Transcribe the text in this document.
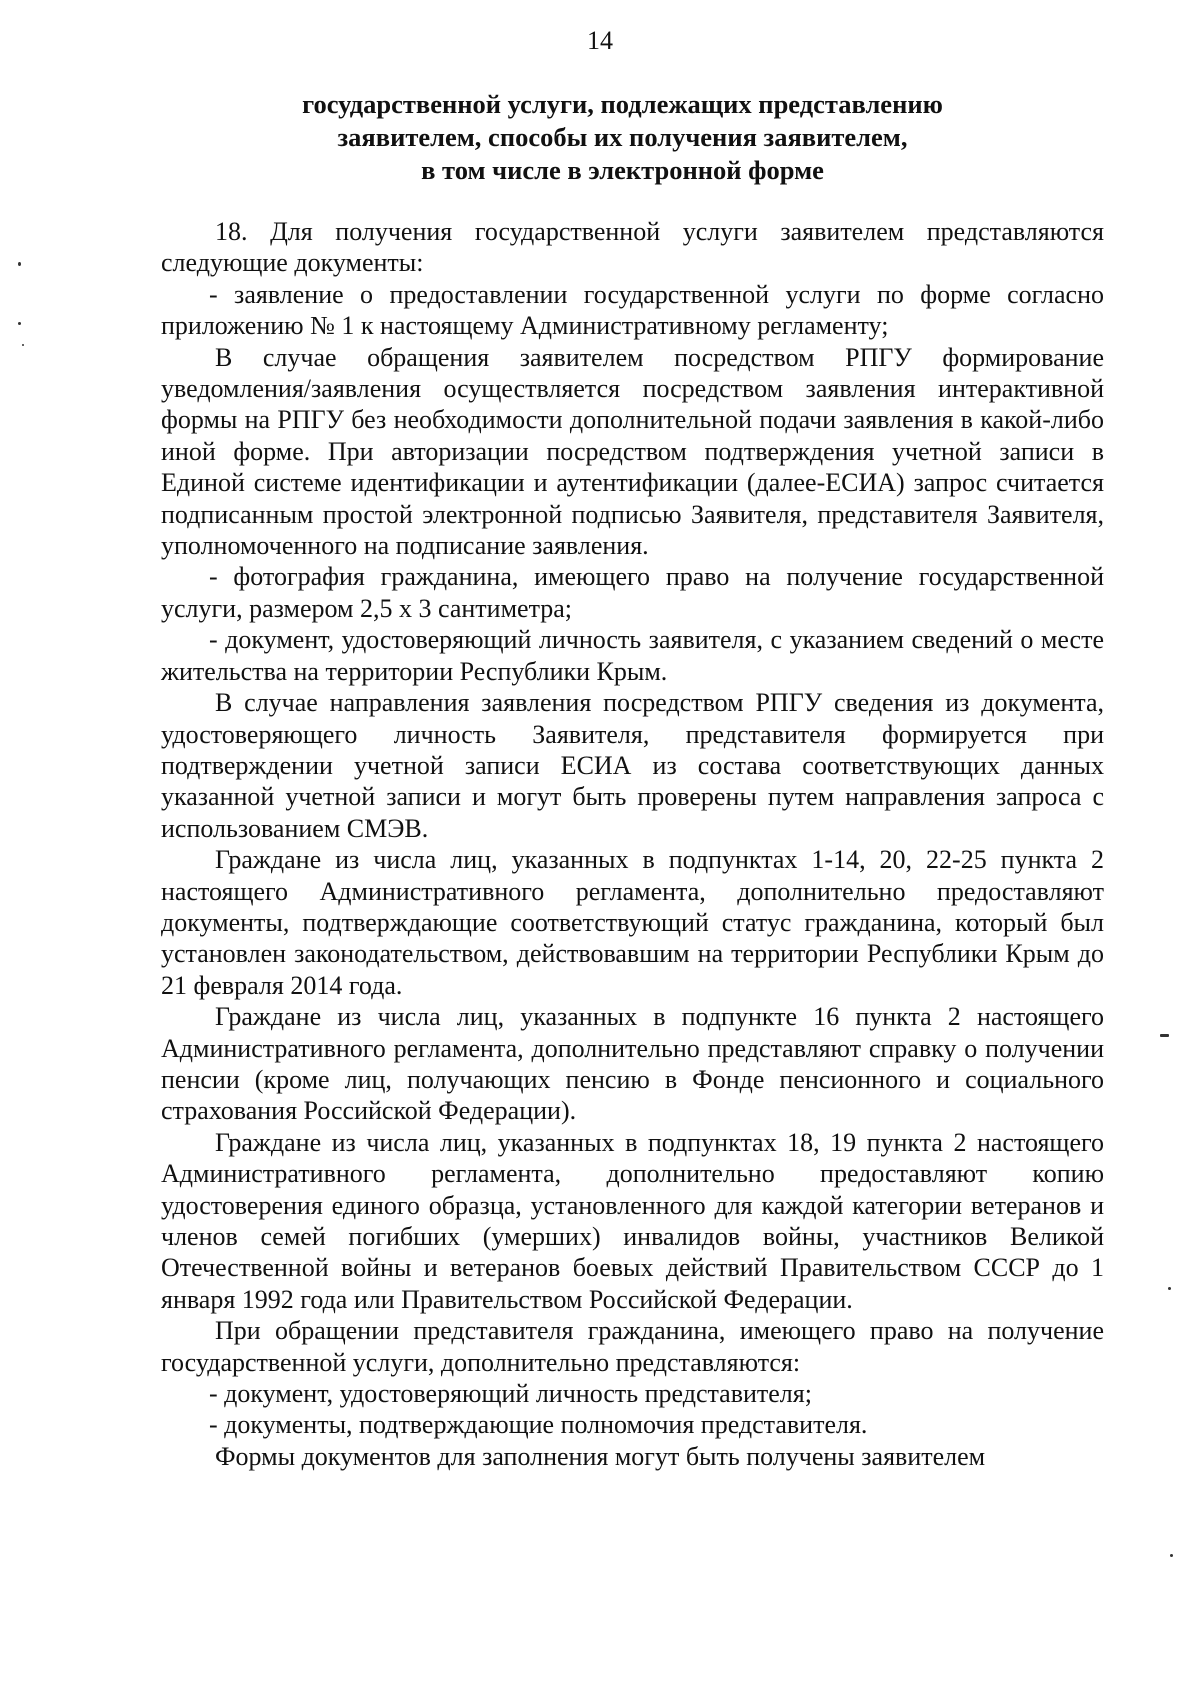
14
государственной услуги, подлежащих представлению
заявителем, способы их получения заявителем,
в том числе в электронной форме

18. Для получения государственной услуги заявителем представляются следующие документы:

- заявление о предоставлении государственной услуги по форме согласно приложению № 1 к настоящему Административному регламенту;

В случае обращения заявителем посредством РПГУ формирование уведомления/заявления осуществляется посредством заявления интерактивной формы на РПГУ без необходимости дополнительной подачи заявления в какой-либо иной форме. При авторизации посредством подтверждения учетной записи в Единой системе идентификации и аутентификации (далее-ЕСИА) запрос считается подписанным простой электронной подписью Заявителя, представителя Заявителя, уполномоченного на подписание заявления.

- фотография гражданина, имеющего право на получение государственной услуги, размером 2,5 х 3 сантиметра;

- документ, удостоверяющий личность заявителя, с указанием сведений о месте жительства на территории Республики Крым.

В случае направления заявления посредством РПГУ сведения из документа, удостоверяющего личность Заявителя, представителя формируется при подтверждении учетной записи ЕСИА из состава соответствующих данных указанной учетной записи и могут быть проверены путем направления запроса с использованием СМЭВ.

Граждане из числа лиц, указанных в подпунктах 1-14, 20, 22-25 пункта 2 настоящего Административного регламента, дополнительно предоставляют документы, подтверждающие соответствующий статус гражданина, который был установлен законодательством, действовавшим на территории Республики Крым до 21 февраля 2014 года.

Граждане из числа лиц, указанных в подпункте 16 пункта 2 настоящего Административного регламента, дополнительно представляют справку о получении пенсии (кроме лиц, получающих пенсию в Фонде пенсионного и социального страхования Российской Федерации).

Граждане из числа лиц, указанных в подпунктах 18, 19 пункта 2 настоящего Административного регламента, дополнительно предоставляют копию удостоверения единого образца, установленного для каждой категории ветеранов и членов семей погибших (умерших) инвалидов войны, участников Великой Отечественной войны и ветеранов боевых действий Правительством СССР до 1 января 1992 года или Правительством Российской Федерации.

При обращении представителя гражданина, имеющего право на получение государственной услуги, дополнительно представляются:

- документ, удостоверяющий личность представителя;

- документы, подтверждающие полномочия представителя.

Формы документов для заполнения могут быть получены заявителем
